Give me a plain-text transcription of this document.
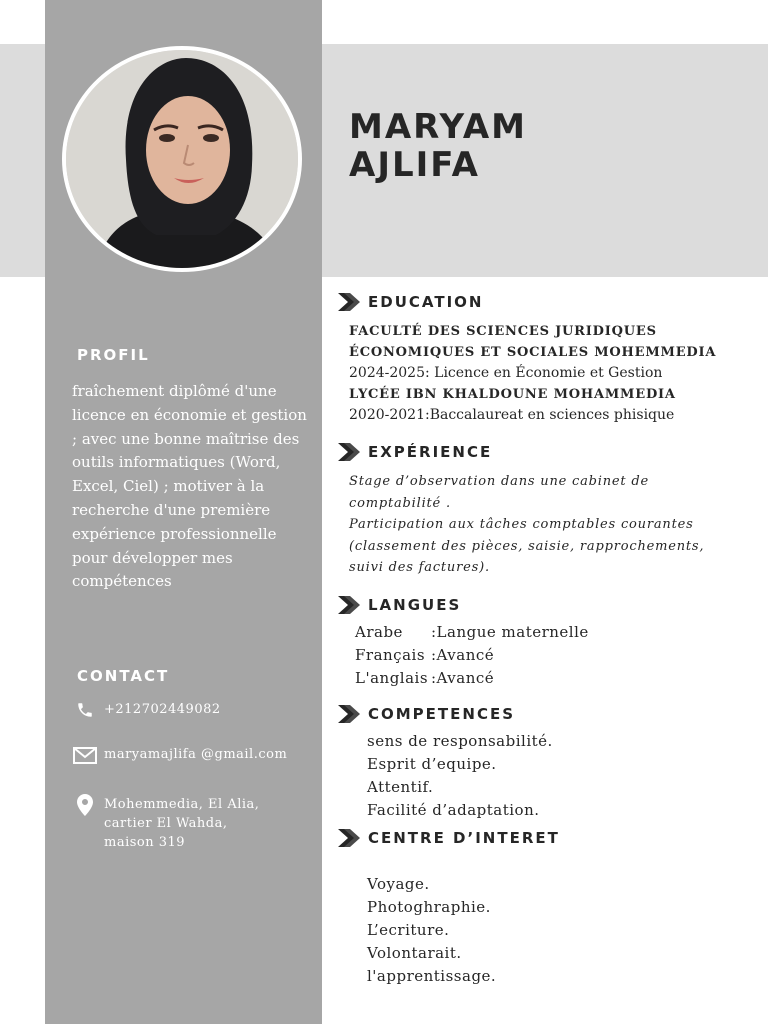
MARYAM
AJLIFA
PROFIL

fraîchement diplômé d'une licence en économie et gestion ; avec une bonne maîtrise des outils informatiques (Word, Excel, Ciel) ; motiver à la recherche d'une première expérience professionnelle pour développer mes compétences

CONTACT
+212702449082
maryamajlifa @gmail.com
Mohemmedia, El Alia,
cartier El Wahda,
maison 319
EDUCATION
FACULTÉ DES SCIENCES JURIDIQUES
ÉCONOMIQUES ET SOCIALES MOHEMMEDIA
2024-2025: Licence en Économie et Gestion
LYCÉE IBN KHALDOUNE MOHAMMEDIA
2020-2021:Baccalaureat en sciences phisique
EXPÉRIENCE
Stage d’observation dans une cabinet de comptabilité .
Participation aux tâches comptables courantes (classement des pièces, saisie, rapprochements, suivi des factures).
LANGUES
Arabe	:Langue maternelle
Français :Avancé
L'anglais :Avancé
COMPETENCES
sens de responsabilité.
Esprit d’equipe.
Attentif.
Facilité d’adaptation.
CENTRE D’INTERET
Voyage.
Photoghraphie.
L’ecriture.
Volontarait.
l'apprentissage.
